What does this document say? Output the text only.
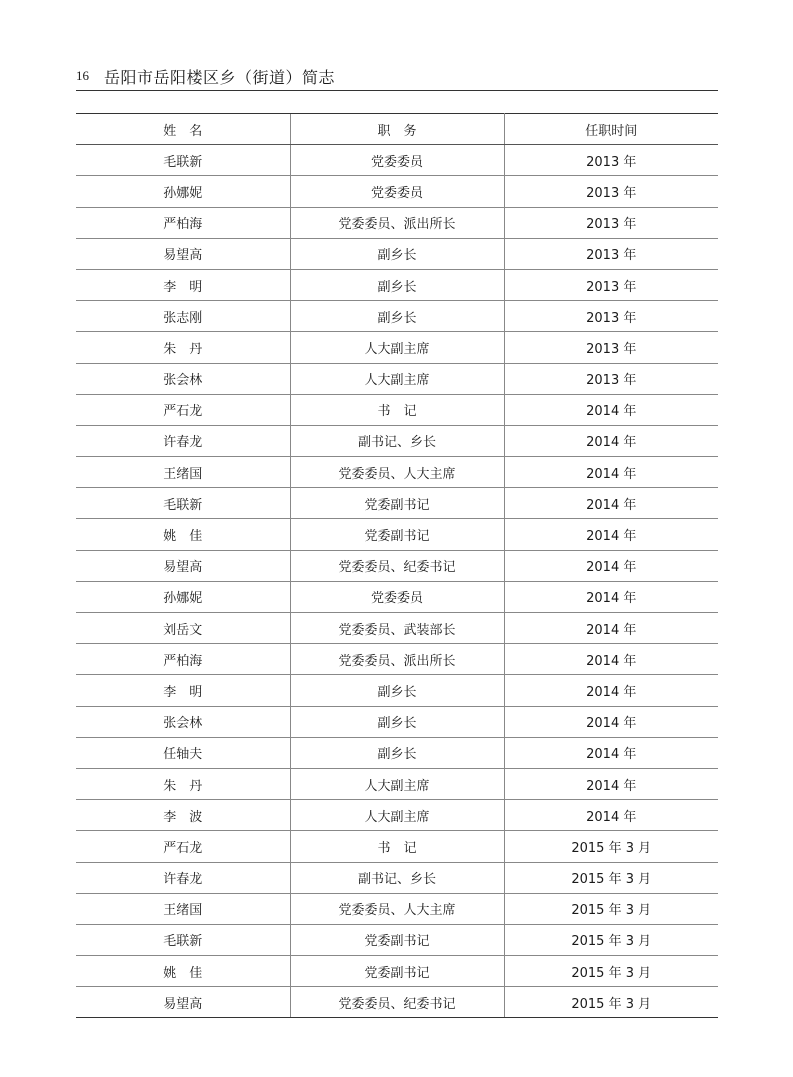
16 岳阳市岳阳楼区乡（街道）简志
姓　名	职　务	任职时间
毛联新	党委委员	2013 年
孙娜妮	党委委员	2013 年
严柏海	党委委员、派出所长	2013 年
易望高	副乡长	2013 年
李　明	副乡长	2013 年
张志刚	副乡长	2013 年
朱　丹	人大副主席	2013 年
张会林	人大副主席	2013 年
严石龙	书　记	2014 年
许春龙	副书记、乡长	2014 年
王绪国	党委委员、人大主席	2014 年
毛联新	党委副书记	2014 年
姚　佳	党委副书记	2014 年
易望高	党委委员、纪委书记	2014 年
孙娜妮	党委委员	2014 年
刘岳文	党委委员、武装部长	2014 年
严柏海	党委委员、派出所长	2014 年
李　明	副乡长	2014 年
张会林	副乡长	2014 年
任轴夫	副乡长	2014 年
朱　丹	人大副主席	2014 年
李　波	人大副主席	2014 年
严石龙	书　记	2015 年 3 月
许春龙	副书记、乡长	2015 年 3 月
王绪国	党委委员、人大主席	2015 年 3 月
毛联新	党委副书记	2015 年 3 月
姚　佳	党委副书记	2015 年 3 月
易望高	党委委员、纪委书记	2015 年 3 月
